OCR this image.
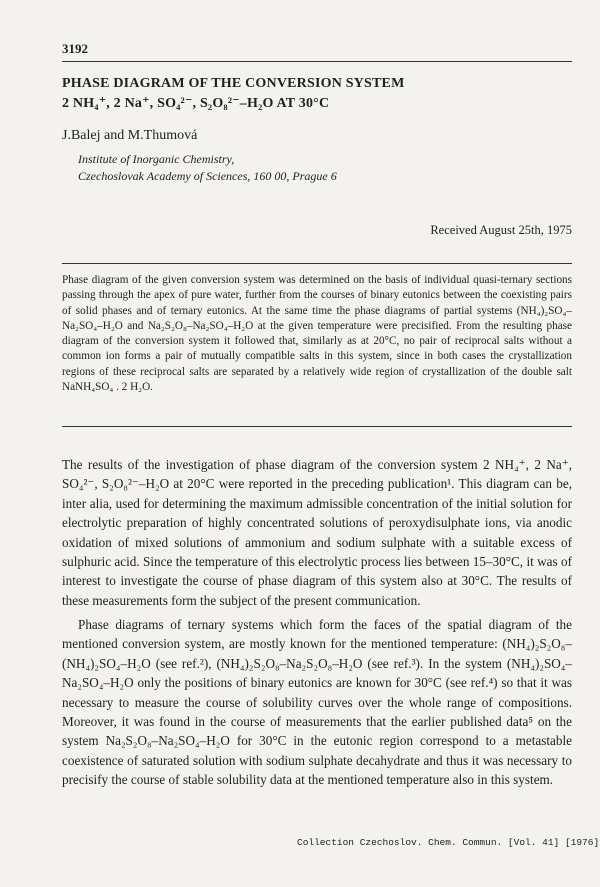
3192
PHASE DIAGRAM OF THE CONVERSION SYSTEM
2 NH₄⁺, 2 Na⁺, SO₄²⁻, S₂O₈²⁻–H₂O AT 30°C
J.Balej and M.Thumová
Institute of Inorganic Chemistry,
Czechoslovak Academy of Sciences, 160 00, Prague 6
Received August 25th, 1975

Phase diagram of the given conversion system was determined on the basis of individual quasi-ternary sections passing through the apex of pure water, further from the courses of binary eutonics between the coexisting pairs of solid phases and of ternary eutonics. At the same time the phase diagrams of partial systems (NH₄)₂SO₄–Na₂SO₄–H₂O and Na₂S₂O₈–Na₂SO₄–H₂O at the given temperature were precisified. From the resulting phase diagram of the conversion system it followed that, similarly as at 20°C, no pair of reciprocal salts without a common ion forms a pair of mutually compatible salts in this system, since in both cases the crystallization regions of these reciprocal salts are separated by a relatively wide region of crystallization of the double salt NaNH₄SO₄ . 2 H₂O.

The results of the investigation of phase diagram of the conversion system 2 NH₄⁺, 2 Na⁺, SO₄²⁻, S₂O₈²⁻–H₂O at 20°C were reported in the preceding publication¹. This diagram can be, inter alia, used for determining the maximum admissible concentration of the initial solution for electrolytic preparation of highly concentrated solutions of peroxydisulphate ions, via anodic oxidation of mixed solutions of ammonium and sodium sulphate with a suitable excess of sulphuric acid. Since the temperature of this electrolytic process lies between 15–30°C, it was of interest to investigate the course of phase diagram of this system also at 30°C. The results of these measurements form the subject of the present communication.

Phase diagrams of ternary systems which form the faces of the spatial diagram of the mentioned conversion system, are mostly known for the mentioned temperature: (NH₄)₂S₂O₈–(NH₄)₂SO₄–H₂O (see ref.²), (NH₄)₂S₂O₈–Na₂S₂O₈–H₂O (see ref.³). In the system (NH₄)₂SO₄–Na₂SO₄–H₂O only the positions of binary eutonics are known for 30°C (see ref.⁴) so that it was necessary to measure the course of solubility curves over the whole range of compositions. Moreover, it was found in the course of measurements that the earlier published data⁵ on the system Na₂S₂O₈–Na₂SO₄–H₂O for 30°C in the eutonic region correspond to a metastable coexistence of saturated solution with sodium sulphate decahydrate and thus it was necessary to precisify the course of stable solubility data at the mentioned temperature also in this system.

Collection Czechoslov. Chem. Commun. [Vol. 41] [1976]
